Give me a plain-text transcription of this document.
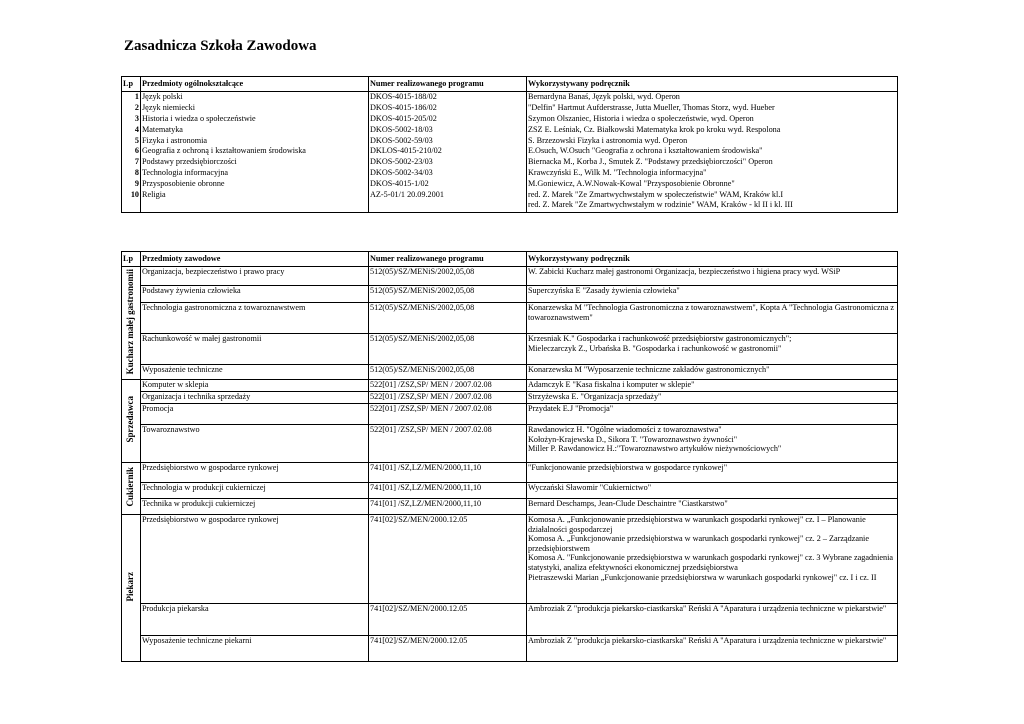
Zasadnicza Szkoła Zawodowa
Lp	Przedmioty ogólnokształcące	Numer realizowanego programu	Wykorzystywany podręcznik
1	Język polski	DKOS-4015-188/02	Bernardyna Banaś, Język polski, wyd. Operon
2	Język niemiecki	DKOS-4015-186/02	"Delfin" Hartmut Aufderstrasse, Jutta Mueller, Thomas Storz, wyd. Hueber
3	Historia i wiedza o społeczeństwie	DKOS-4015-205/02	Szymon Olszaniec, Historia i wiedza o społeczeństwie, wyd. Operon
4	Matematyka	DKOS-5002-18/03	ZSZ E. Leśniak, Cz. Białkowski Matematyka krok po kroku wyd. Respolona
5	Fizyka i astronomia	DKOS-5002-59/03	S. Brzezowski Fizyka i astronomia wyd. Operon
6	Geografia z ochroną i kształtowaniem środowiska	DKLOS-4015-210/02	E.Osuch, W.Osuch "Geografia z ochrona i kształtowaniem środowiska"
7	Podstawy przedsiębiorczości	DKOS-5002-23/03	Biernacka M., Korba J., Smutek Z. "Podstawy przedsiębiorczości" Operon
8	Technologia informacyjna	DKOS-5002-34/03	Krawczyński E., Wilk M. "Technologia informacyjna"
9	Przysposobienie obronne	DKOS-4015-1/02	M.Goniewicz, A.W.Nowak-Kowal "Przysposobienie Obronne"
10	Religia	AZ-5-01/1 20.09.2001	red. Z. Marek "Ze Zmartwychwstałym w społeczeństwie" WAM, Kraków kl.I
red. Z. Marek "Ze Zmartwychwstałym w rodzinie" WAM, Kraków - kl II i kl. III
Lp	Przedmioty zawodowe	Numer realizowanego programu	Wykorzystywany podręcznik
Kucharz małej gastronomii	Organizacja, bezpieczeństwo i prawo pracy	512(05)/SZ/MENiS/2002,05,08	W. Zabicki Kucharz małej gastronomi Organizacja, bezpieczeństwo i higiena pracy wyd. WSiP
	Podstawy żywienia człowieka	512(05)/SZ/MENiS/2002,05,08	Superczyńska E "Zasady żywienia człowieka"
	Technologia gastronomiczna z towaroznawstwem	512(05)/SZ/MENiS/2002,05,08	Konarzewska M "Technologia Gastronomiczna z towaroznawstwem", Kopta A "Technologia Gastronomiczna z towaroznawstwem"
	Rachunkowość w małej gastronomii	512(05)/SZ/MENiS/2002,05,08	Krzesniak K." Gospodarka i rachunkowość przedsiębiorstw gastronomicznych";
Mieleczarczyk Z., Urbańska B. "Gospodarka i rachunkowość w gastronomii"
	Wyposażenie techniczne	512(05)/SZ/MENiS/2002,05,08	Konarzewska M "Wyposarzenie techniczne zakładów gastronomicznych"
Sprzedawca	Komputer w sklepia	522[01] /ZSZ,SP/ MEN / 2007.02.08	Adamczyk E "Kasa fiskalna i komputer w sklepie"
	Organizacja i technika sprzedaży	522[01] /ZSZ,SP/ MEN / 2007.02.08	Strzyżewska E. "Organizacja sprzedaży"
	Promocja	522[01] /ZSZ,SP/ MEN / 2007.02.08	Przydatek E.J "Promocja"
	Towaroznawstwo	522[01] /ZSZ,SP/ MEN / 2007.02.08	Rawdanowicz H. "Ogólne wiadomości z towaroznawstwa"
Kołożyn-Krajewska D., Sikora T. "Towaroznawstwo żywności"
Miller P. Rawdanowicz H.:"Towaroznawstwo artykułów nieżywnościowych"
Cukiernik	Przedsiębiorstwo w gospodarce rynkowej	741[01] /SZ,LZ/MEN/2000,11,10	"Funkcjonowanie przedsiębiorstwa w gospodarce rynkowej"
	Technologia w produkcji cukierniczej	741[01] /SZ,LZ/MEN/2000,11,10	Wyczański Sławomir "Cukiernictwo"
	Technika w produkcji cukierniczej	741[01] /SZ,LZ/MEN/2000,11,10	Bernard Deschamps, Jean-Clude Deschaintre "Ciastkarstwo"
Piekarz	Przedsiębiorstwo w gospodarce rynkowej	741[02]/SZ/MEN/2000.12.05	Komosa A. „Funkcjonowanie przedsiębiorstwa w warunkach gospodarki rynkowej" cz. I – Planowanie działalności gospodarczej
Komosa A. „Funkcjonowanie przedsiębiorstwa w warunkach gospodarki rynkowej" cz. 2 – Zarządzanie przedsiębiorstwem
Komosa A. "Funkcjonowanie przedsiębiorstwa w warunkach gospodarki rynkowej" cz. 3 Wybrane zagadnienia statystyki, analiza efektywności ekonomicznej przedsiębiorstwa
Pietraszewski Marian „Funkcjonowanie przedsiębiorstwa w warunkach gospodarki rynkowej" cz. I i cz. II
	Produkcja piekarska	741[02]/SZ/MEN/2000.12.05	Ambroziak Z "produkcja piekarsko-ciastkarska" Reński A "Aparatura i urządzenia techniczne w piekarstwie"
	Wyposażenie techniczne piekarni	741[02]/SZ/MEN/2000.12.05	Ambroziak Z "produkcja piekarsko-ciastkarska" Reński A "Aparatura i urządzenia techniczne w piekarstwie"
